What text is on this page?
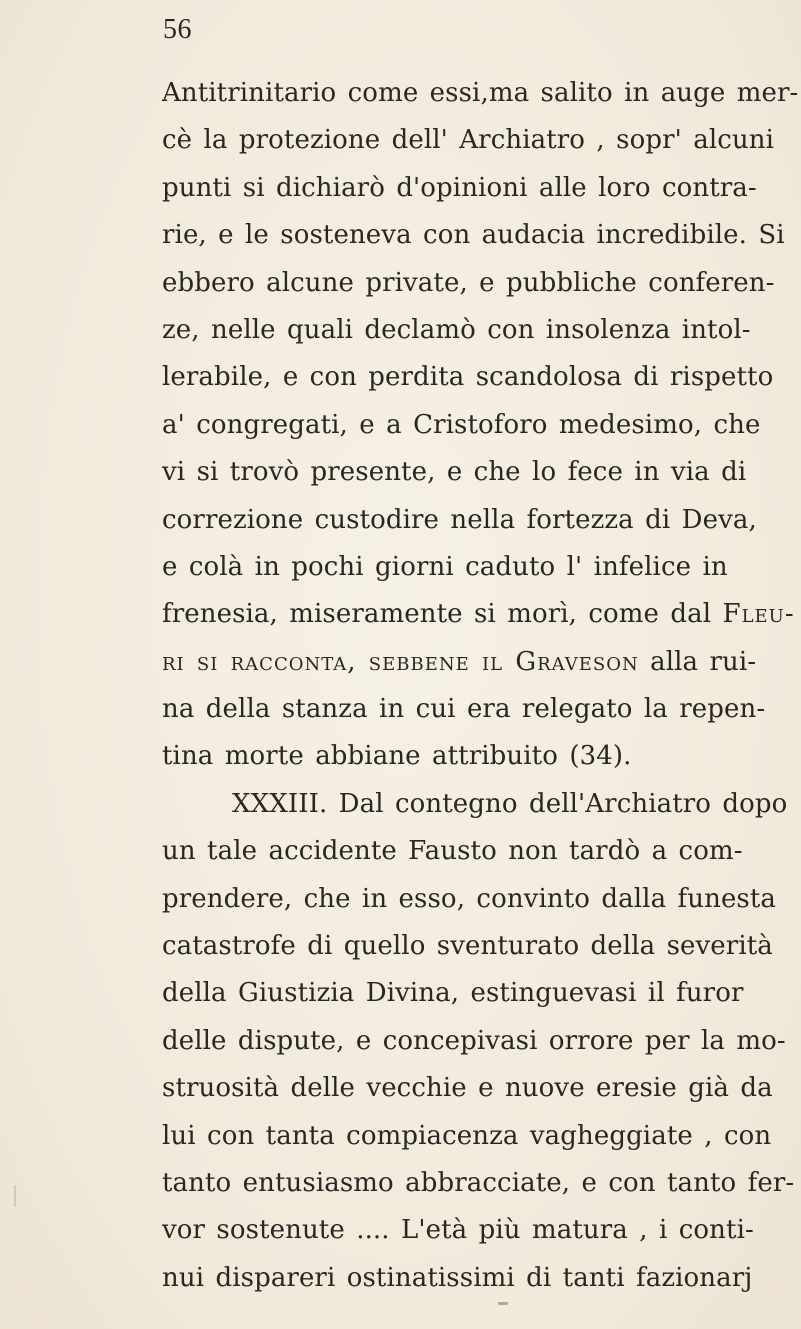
56
Antitrinitario come essi,ma salito in auge mer-
cè la protezione dell' Archiatro , sopr' alcuni
punti si dichiarò d'opinioni alle loro contra-
rie, e le sosteneva con audacia incredibile. Si
ebbero alcune private, e pubbliche conferen-
ze, nelle quali declamò con insolenza intol-
lerabile, e con perdita scandolosa di rispetto
a' congregati, e a Cristoforo medesimo, che
vi si trovò presente, e che lo fece in via di
correzione custodire nella fortezza di Deva,
e colà in pochi giorni caduto l' infelice in
frenesia, miseramente si morì, come dal Fleu-
ri si racconta, sebbene il Graveson alla rui-
na della stanza in cui era relegato la repen-
tina morte abbiane attribuito (34).
XXXIII. Dal contegno dell'Archiatro dopo
un tale accidente Fausto non tardò a com-
prendere, che in esso, convinto dalla funesta
catastrofe di quello sventurato della severità
della Giustizia Divina, estinguevasi il furor
delle dispute, e concepivasi orrore per la mo-
struosità delle vecchie e nuove eresie già da
lui con tanta compiacenza vagheggiate , con
tanto entusiasmo abbracciate, e con tanto fer-
vor sostenute .... L'età più matura , i conti-
nui dispareri ostinatissimi di tanti fazionarj
